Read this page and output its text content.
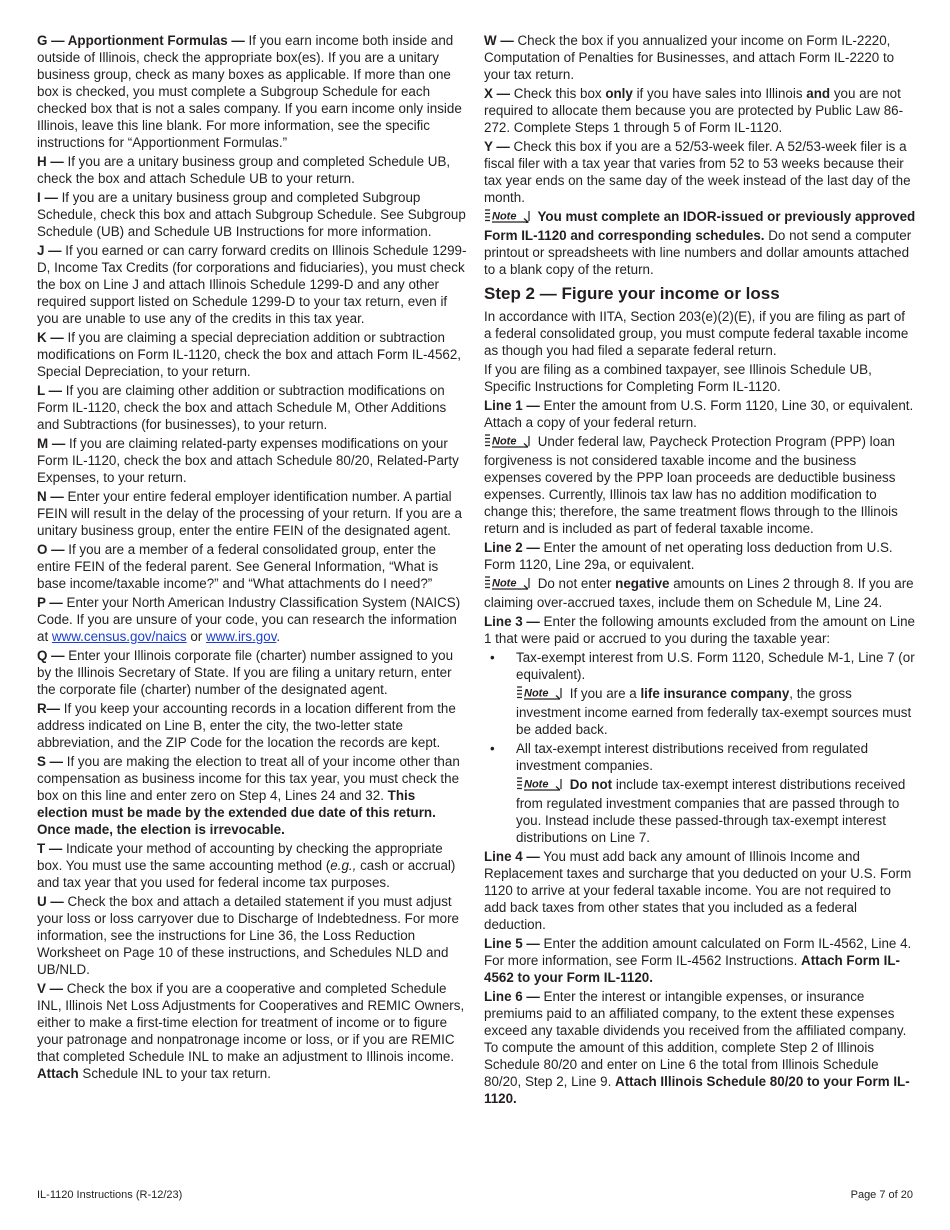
G — Apportionment Formulas — If you earn income both inside and outside of Illinois, check the appropriate box(es). If you are a unitary business group, check as many boxes as applicable. If more than one box is checked, you must complete a Subgroup Schedule for each checked box that is not a sales company. If you earn income only inside Illinois, leave this line blank. For more information, see the specific instructions for “Apportionment Formulas.”

H — If you are a unitary business group and completed Schedule UB, check the box and attach Schedule UB to your return.

I — If you are a unitary business group and completed Subgroup Schedule, check this box and attach Subgroup Schedule. See Subgroup Schedule (UB) and Schedule UB Instructions for more information.

J — If you earned or can carry forward credits on Illinois Schedule 1299-D, Income Tax Credits (for corporations and fiduciaries), you must check the box on Line J and attach Illinois Schedule 1299-D and any other required support listed on Schedule 1299-D to your tax return, even if you are unable to use any of the credits in this tax year.

K — If you are claiming a special depreciation addition or subtraction modifications on Form IL-1120, check the box and attach Form IL-4562, Special Depreciation, to your return.

L — If you are claiming other addition or subtraction modifications on Form IL-1120, check the box and attach Schedule M, Other Additions and Subtractions (for businesses), to your return.

M — If you are claiming related-party expenses modifications on your Form IL-1120, check the box and attach Schedule 80/20, Related-Party Expenses, to your return.

N — Enter your entire federal employer identification number. A partial FEIN will result in the delay of the processing of your return. If you are a unitary business group, enter the entire FEIN of the designated agent.

O — If you are a member of a federal consolidated group, enter the entire FEIN of the federal parent. See General Information, “What is base income/taxable income?” and “What attachments do I need?”

P — Enter your North American Industry Classification System (NAICS) Code. If you are unsure of your code, you can research the information at www.census.gov/naics or www.irs.gov.

Q — Enter your Illinois corporate file (charter) number assigned to you by the Illinois Secretary of State. If you are filing a unitary return, enter the corporate file (charter) number of the designated agent.

R— If you keep your accounting records in a location different from the address indicated on Line B, enter the city, the two-letter state abbreviation, and the ZIP Code for the location the records are kept.

S — If you are making the election to treat all of your income other than compensation as business income for this tax year, you must check the box on this line and enter zero on Step 4, Lines 24 and 32. This election must be made by the extended due date of this return. Once made, the election is irrevocable.

T — Indicate your method of accounting by checking the appropriate box. You must use the same accounting method (e.g., cash or accrual) and tax year that you used for federal income tax purposes.

U — Check the box and attach a detailed statement if you must adjust your loss or loss carryover due to Discharge of Indebtedness. For more information, see the instructions for Line 36, the Loss Reduction Worksheet on Page 10 of these instructions, and Schedules NLD and UB/NLD.

V — Check the box if you are a cooperative and completed Schedule INL, Illinois Net Loss Adjustments for Cooperatives and REMIC Owners, either to make a first-time election for treatment of income or to figure your patronage and nonpatronage income or loss, or if you are REMIC that completed Schedule INL to make an adjustment to Illinois income. Attach Schedule INL to your tax return.

W — Check the box if you annualized your income on Form IL-2220, Computation of Penalties for Businesses, and attach Form IL-2220 to your tax return.

X — Check this box only if you have sales into Illinois and you are not required to allocate them because you are protected by Public Law 86-272. Complete Steps 1 through 5 of Form IL-1120.

Y — Check this box if you are a 52/53-week filer. A 52/53-week filer is a fiscal filer with a tax year that varies from 52 to 53 weeks because their tax year ends on the same day of the week instead of the last day of the month.

Note You must complete an IDOR-issued or previously approved Form IL-1120 and corresponding schedules. Do not send a computer printout or spreadsheets with line numbers and dollar amounts attached to a blank copy of the return.

Step 2 — Figure your income or loss

In accordance with IITA, Section 203(e)(2)(E), if you are filing as part of a federal consolidated group, you must compute federal taxable income as though you had filed a separate federal return.

If you are filing as a combined taxpayer, see Illinois Schedule UB, Specific Instructions for Completing Form IL-1120.

Line 1 — Enter the amount from U.S. Form 1120, Line 30, or equivalent. Attach a copy of your federal return.

Note Under federal law, Paycheck Protection Program (PPP) loan forgiveness is not considered taxable income and the business expenses covered by the PPP loan proceeds are deductible business expenses. Currently, Illinois tax law has no addition modification to change this; therefore, the same treatment flows through to the Illinois return and is included as part of federal taxable income.

Line 2 — Enter the amount of net operating loss deduction from U.S. Form 1120, Line 29a, or equivalent.

Note Do not enter negative amounts on Lines 2 through 8. If you are claiming over-accrued taxes, include them on Schedule M, Line 24.

Line 3 — Enter the following amounts excluded from the amount on Line 1 that were paid or accrued to you during the taxable year:

• Tax-exempt interest from U.S. Form 1120, Schedule M-1, Line 7 (or equivalent).
Note If you are a life insurance company, the gross investment income earned from federally tax-exempt sources must be added back.
• All tax-exempt interest distributions received from regulated investment companies.
Note Do not include tax-exempt interest distributions received from regulated investment companies that are passed through to you. Instead include these passed-through tax-exempt interest distributions on Line 7.

Line 4 — You must add back any amount of Illinois Income and Replacement taxes and surcharge that you deducted on your U.S. Form 1120 to arrive at your federal taxable income. You are not required to add back taxes from other states that you included as a federal deduction.

Line 5 — Enter the addition amount calculated on Form IL-4562, Line 4. For more information, see Form IL-4562 Instructions. Attach Form IL-4562 to your Form IL-1120.

Line 6 — Enter the interest or intangible expenses, or insurance premiums paid to an affiliated company, to the extent these expenses exceed any taxable dividends you received from the affiliated company. To compute the amount of this addition, complete Step 2 of Illinois Schedule 80/20 and enter on Line 6 the total from Illinois Schedule 80/20, Step 2, Line 9. Attach Illinois Schedule 80/20 to your Form IL-1120.

IL-1120 Instructions (R-12/23)	Page 7 of 20
